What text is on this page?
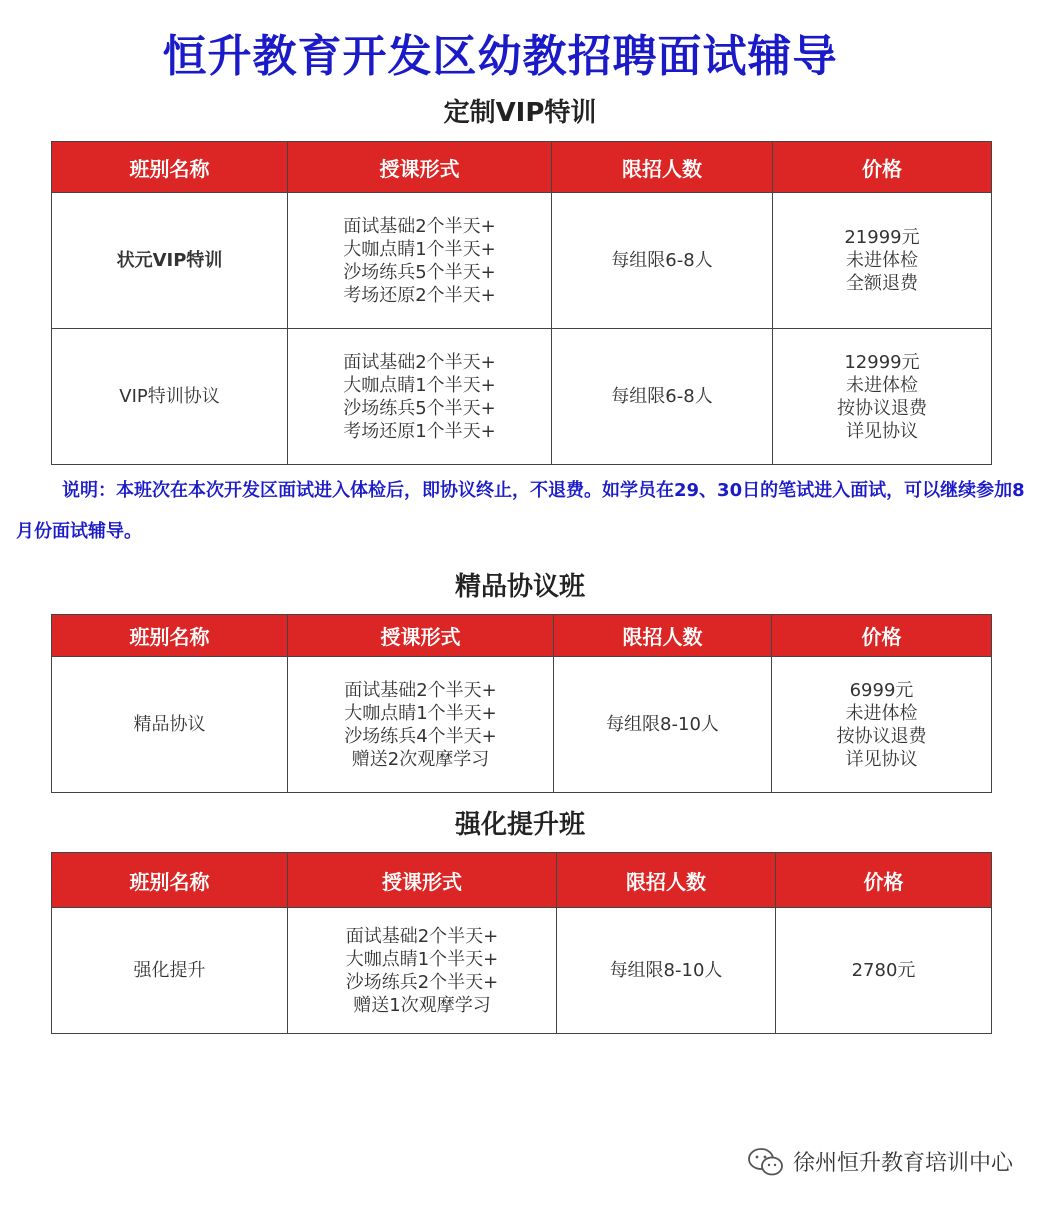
恒升教育开发区幼教招聘面试辅导
定制VIP特训
班别名称	授课形式	限招人数	价格
状元VIP特训	面试基础2个半天+
大咖点睛1个半天+
沙场练兵5个半天+
考场还原2个半天+	每组限6-8人	21999元
未进体检
全额退费

VIP特训协议	面试基础2个半天+
大咖点睛1个半天+
沙场练兵5个半天+
考场还原1个半天+	每组限6-8人	12999元
未进体检
按协议退费
详见协议
说明：本班次在本次开发区面试进入体检后，即协议终止，不退费。如学员在29、30日的笔试进入面试，可以继续参加8月份面试辅导。
精品协议班
班别名称	授课形式	限招人数	价格
精品协议	面试基础2个半天+
大咖点睛1个半天+
沙场练兵4个半天+
赠送2次观摩学习	每组限8-10人	6999元
未进体检
按协议退费
详见协议
强化提升班
班别名称	授课形式	限招人数	价格
强化提升	面试基础2个半天+
大咖点睛1个半天+
沙场练兵2个半天+
赠送1次观摩学习	每组限8-10人	2780元
徐州恒升教育培训中心
